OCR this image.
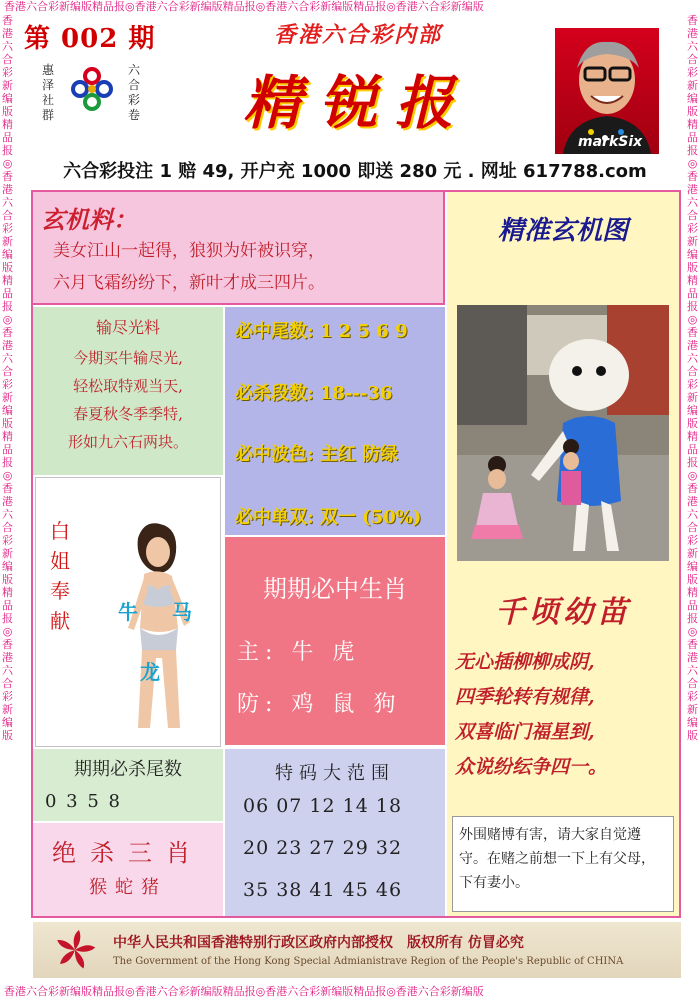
香港六合彩新编版精品报◎香港六合彩新编版精品报◎香港六合彩新编版精品报◎香港六合彩新编版
香港六合彩新编版精品报◎香港六合彩新编版精品报◎香港六合彩新编版精品报◎香港六合彩新编版
香港六合彩新编版精品报◎香港六合彩新编版精品报◎香港六合彩新编版精品报◎香港六合彩新编版精品报◎香港六合彩新编版
香港六合彩新编版精品报◎香港六合彩新编版精品报◎香港六合彩新编版精品报◎香港六合彩新编版精品报◎香港六合彩新编版
第 002 期
惠泽社群
六合彩卷
香港六合彩内部
精锐报
markSix
六合彩投注 1 赔 49, 开户充 1000 即送 280 元 . 网址 617788.com
玄机料：
美女江山一起得，狼狈为奸被识穿，
六月飞霜纷纷下，新叶才成三四片。
输尽光料
今期买牛输尽光,
轻松取特观当天,
春夏秋冬季季特,
形如九六石两块。
必中尾数: 1 2 5 6 9
必杀段数: 18---36
必中波色: 主红 防绿
必中单双: 双一 (50%)
白姐奉献 牛 马
龙
期期必中生肖
主: 牛 虎
防: 鸡 鼠 狗
期期必杀尾数
0 3 5 8
绝杀三肖
猴蛇猪
特码大范围
06 07 12 14 18
20 23 27 29 32
35 38 41 45 46
精准玄机图
千顷幼苗
无心插柳柳成阴,
四季轮转有规律,
双喜临门福星到,
众说纷纭争四一。
外围赌博有害，请大家自觉遵守。在赌之前想一下上有父母，下有妻小。
中华人民共和国香港特别行政区政府内部授权　版权所有 仿冒必究
The Government of the Hong Kong Special Admianistrave Region of the People's Republic of CHINA
